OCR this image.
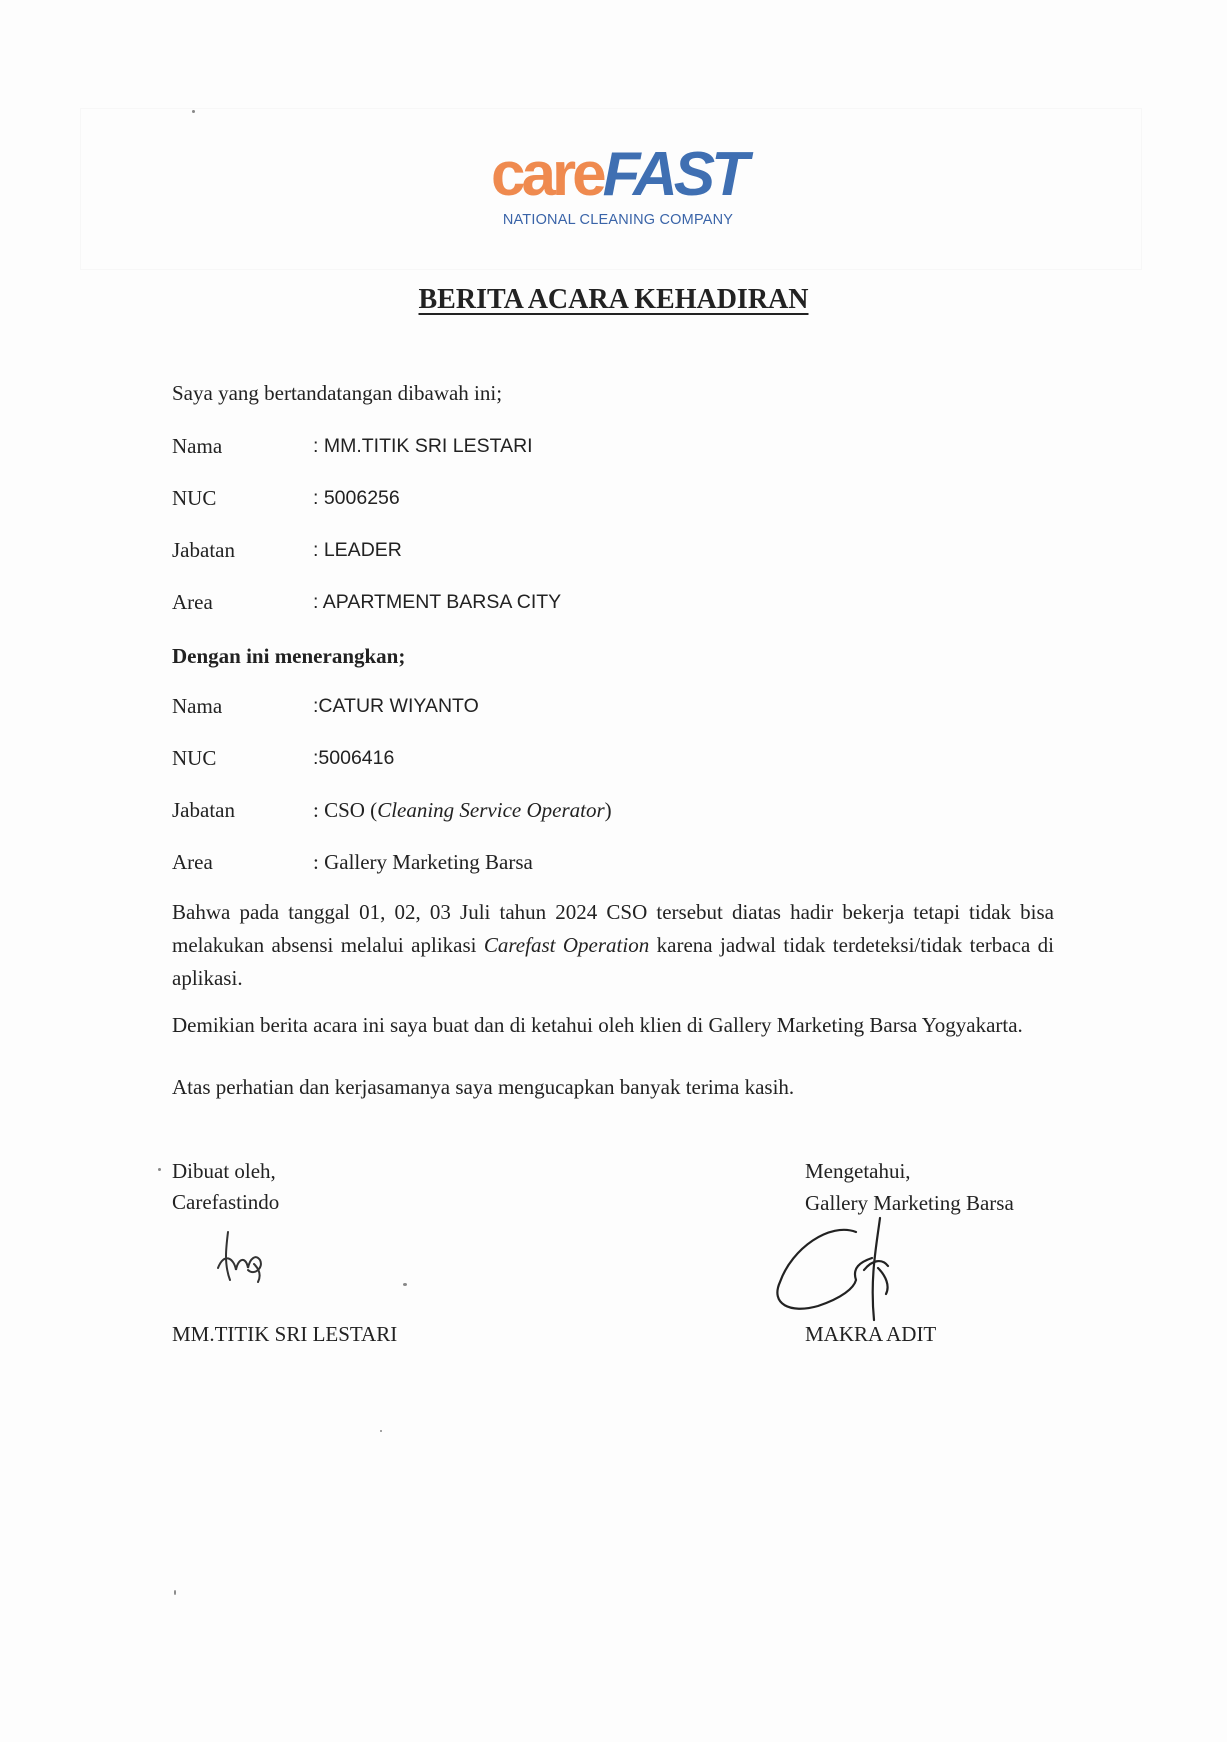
careFAST
NATIONAL CLEANING COMPANY
BERITA ACARA KEHADIRAN
Saya yang bertandatangan dibawah ini;
Nama	: MM.TITIK SRI LESTARI
NUC	: 5006256
Jabatan	: LEADER
Area	: APARTMENT BARSA CITY
Dengan ini menerangkan;
Nama	:CATUR WIYANTO
NUC	:5006416
Jabatan	: CSO (Cleaning Service Operator)
Area	: Gallery Marketing Barsa
Bahwa pada tanggal 01, 02, 03 Juli tahun 2024 CSO tersebut diatas hadir bekerja tetapi tidak bisa melakukan absensi melalui aplikasi Carefast Operation karena jadwal tidak terdeteksi/tidak terbaca di aplikasi.
Demikian berita acara ini saya buat dan di ketahui oleh klien di Gallery Marketing Barsa Yogyakarta.
Atas perhatian dan kerjasamanya saya mengucapkan banyak terima kasih.
Dibuat oleh,
Carefastindo
MM.TITIK SRI LESTARI
Mengetahui,
Gallery Marketing Barsa
MAKRA ADIT
